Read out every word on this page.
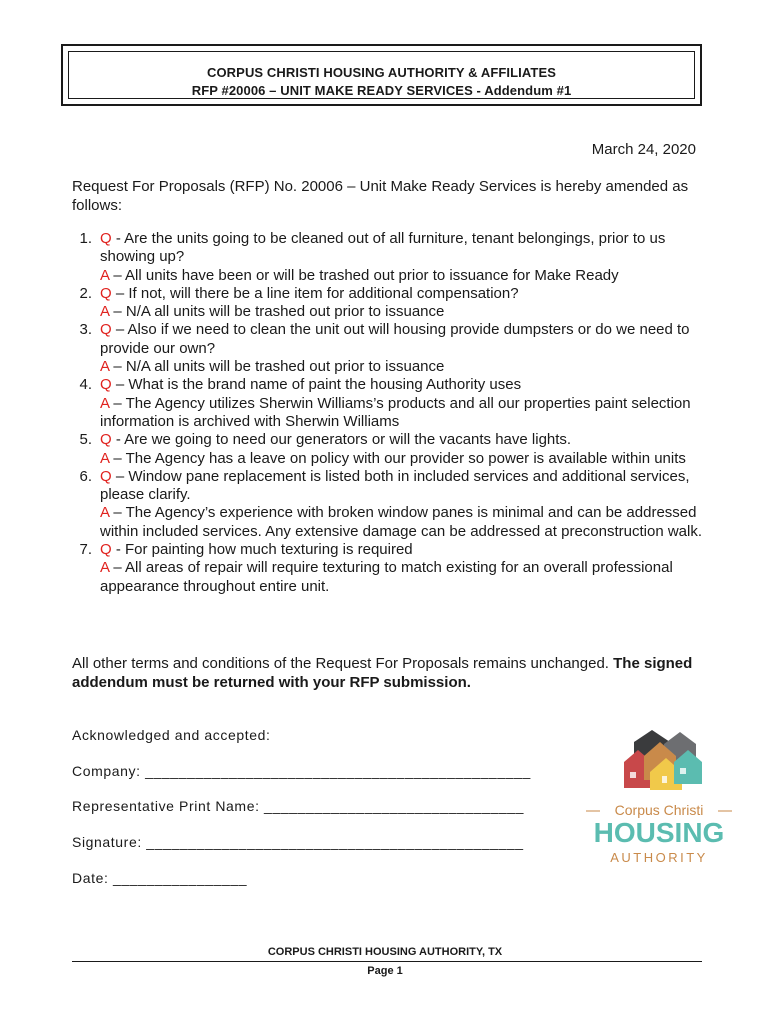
CORPUS CHRISTI HOUSING AUTHORITY & AFFILIATES
RFP #20006 – UNIT MAKE READY SERVICES - Addendum #1
March 24, 2020
Request For Proposals (RFP) No. 20006 – Unit Make Ready Services is hereby amended as follows:
1. Q - Are the units going to be cleaned out of all furniture, tenant belongings, prior to us showing up?
A – All units have been or will be trashed out prior to issuance for Make Ready
2. Q – If not, will there be a line item for additional compensation?
A – N/A all units will be trashed out prior to issuance
3. Q – Also if we need to clean the unit out will housing provide dumpsters or do we need to provide our own?
A – N/A all units will be trashed out prior to issuance
4. Q – What is the brand name of paint the housing Authority uses
A – The Agency utilizes Sherwin Williams’s products and all our properties paint selection information is archived with Sherwin Williams
5. Q - Are we going to need our generators or will the vacants have lights.
A – The Agency has a leave on policy with our provider so power is available within units
6. Q – Window pane replacement is listed both in included services and additional services, please clarify.
A – The Agency’s experience with broken window panes is minimal and can be addressed within included services. Any extensive damage can be addressed at preconstruction walk.
7. Q - For painting how much texturing is required
A – All areas of repair will require texturing to match existing for an overall professional appearance throughout entire unit.
All other terms and conditions of the Request For Proposals remains unchanged. The signed addendum must be returned with your RFP submission.
Acknowledged and accepted:
Company: ______________________________________________
Representative Print Name: _______________________________
Signature: _____________________________________________
Date: ________________
Corpus Christi
HOUSING
AUTHORITY
CORPUS CHRISTI HOUSING AUTHORITY, TX
Page 1
